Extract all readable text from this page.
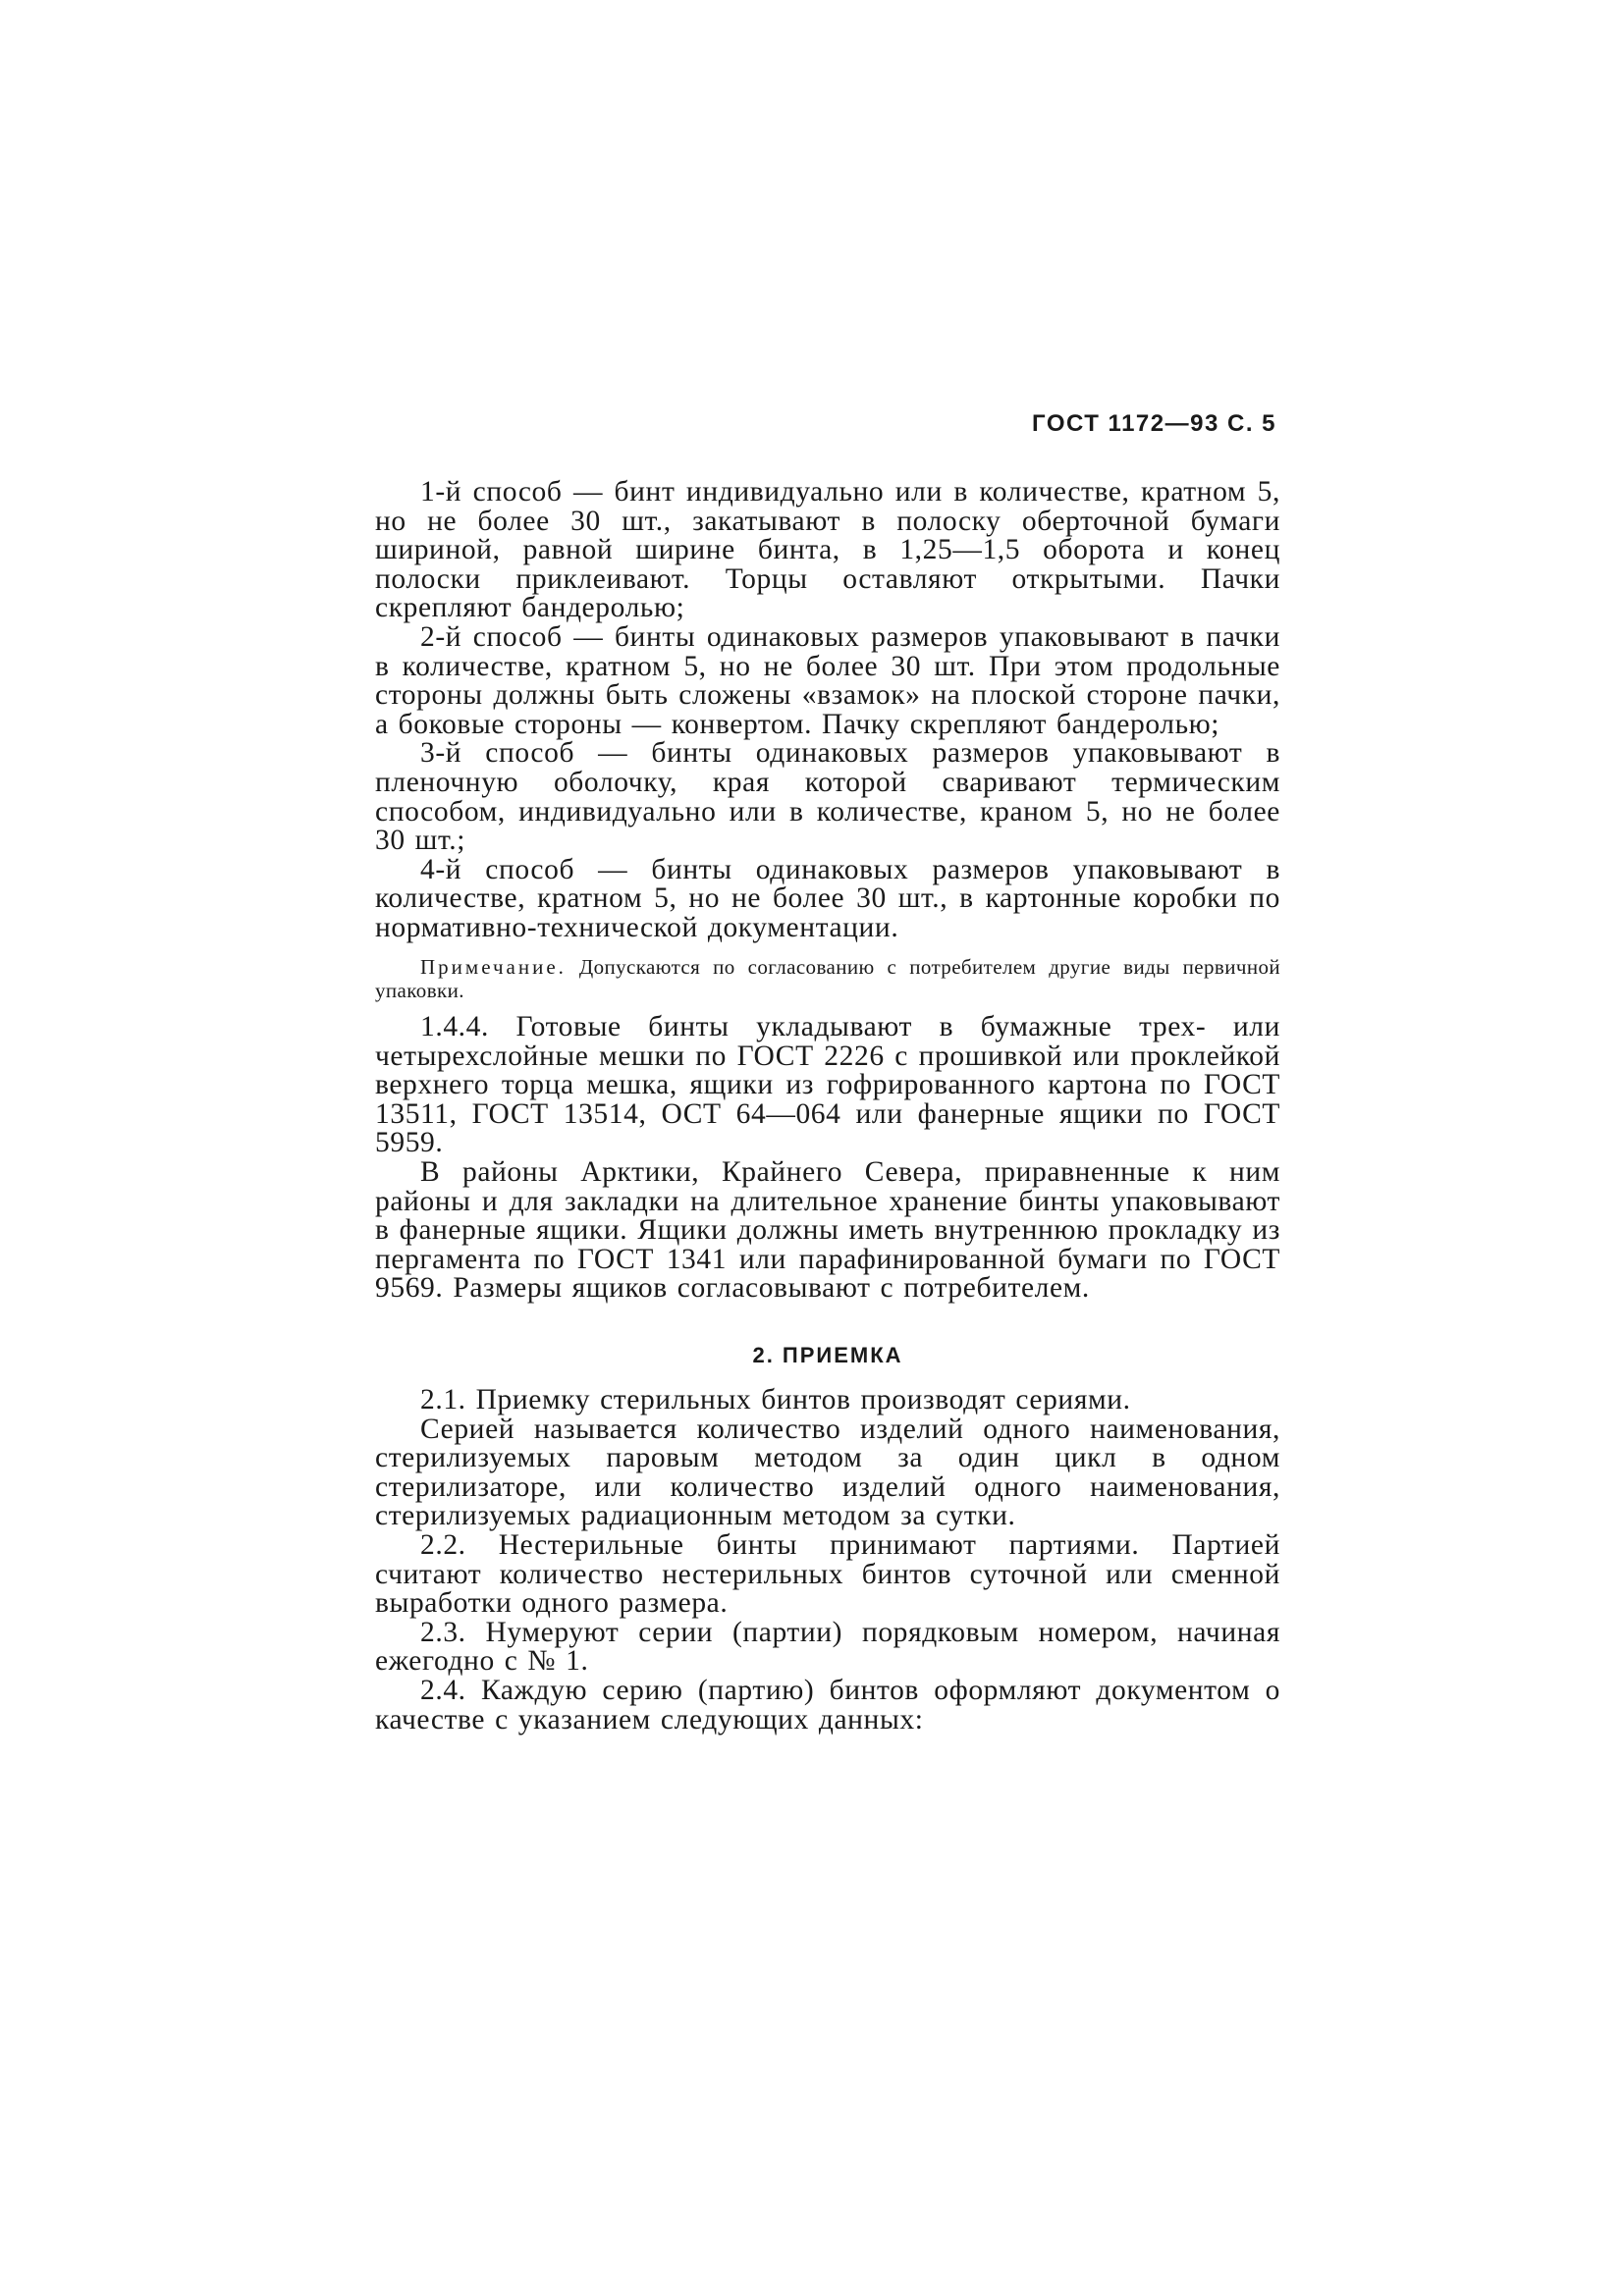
ГОСТ 1172—93 С. 5

1-й способ — бинт индивидуально или в количестве, кратном 5, но не более 30 шт., закатывают в полоску оберточной бумаги шириной, равной ширине бинта, в 1,25—1,5 оборота и конец полоски приклеивают. Торцы оставляют открытыми. Пачки скрепляют бандеролью;

2-й способ — бинты одинаковых размеров упаковывают в пачки в количестве, кратном 5, но не более 30 шт. При этом продольные стороны должны быть сложены «взамок» на плоской стороне пачки, а боковые стороны — конвертом. Пачку скрепляют бандеролью;

3-й способ — бинты одинаковых размеров упаковывают в пленочную оболочку, края которой сваривают термическим способом, индивидуально или в количестве, краном 5, но не более 30 шт.;

4-й способ — бинты одинаковых размеров упаковывают в количестве, кратном 5, но не более 30 шт., в картонные коробки по нормативно-технической документации.

Примечание. Допускаются по согласованию с потребителем другие виды первичной упаковки.

1.4.4. Готовые бинты укладывают в бумажные трех- или четырехслойные мешки по ГОСТ 2226 с прошивкой или проклейкой верхнего торца мешка, ящики из гофрированного картона по ГОСТ 13511, ГОСТ 13514, ОСТ 64—064 или фанерные ящики по ГОСТ 5959.

В районы Арктики, Крайнего Севера, приравненные к ним районы и для закладки на длительное хранение бинты упаковывают в фанерные ящики. Ящики должны иметь внутреннюю прокладку из пергамента по ГОСТ 1341 или парафинированной бумаги по ГОСТ 9569. Размеры ящиков согласовывают с потребителем.

2. ПРИЕМКА

2.1. Приемку стерильных бинтов производят сериями.

Серией называется количество изделий одного наименования, стерилизуемых паровым методом за один цикл в одном стерилизаторе, или количество изделий одного наименования, стерилизуемых радиационным методом за сутки.

2.2. Нестерильные бинты принимают партиями. Партией считают количество нестерильных бинтов суточной или сменной выработки одного размера.

2.3. Нумеруют серии (партии) порядковым номером, начиная ежегодно с № 1.

2.4. Каждую серию (партию) бинтов оформляют документом о качестве с указанием следующих данных:
